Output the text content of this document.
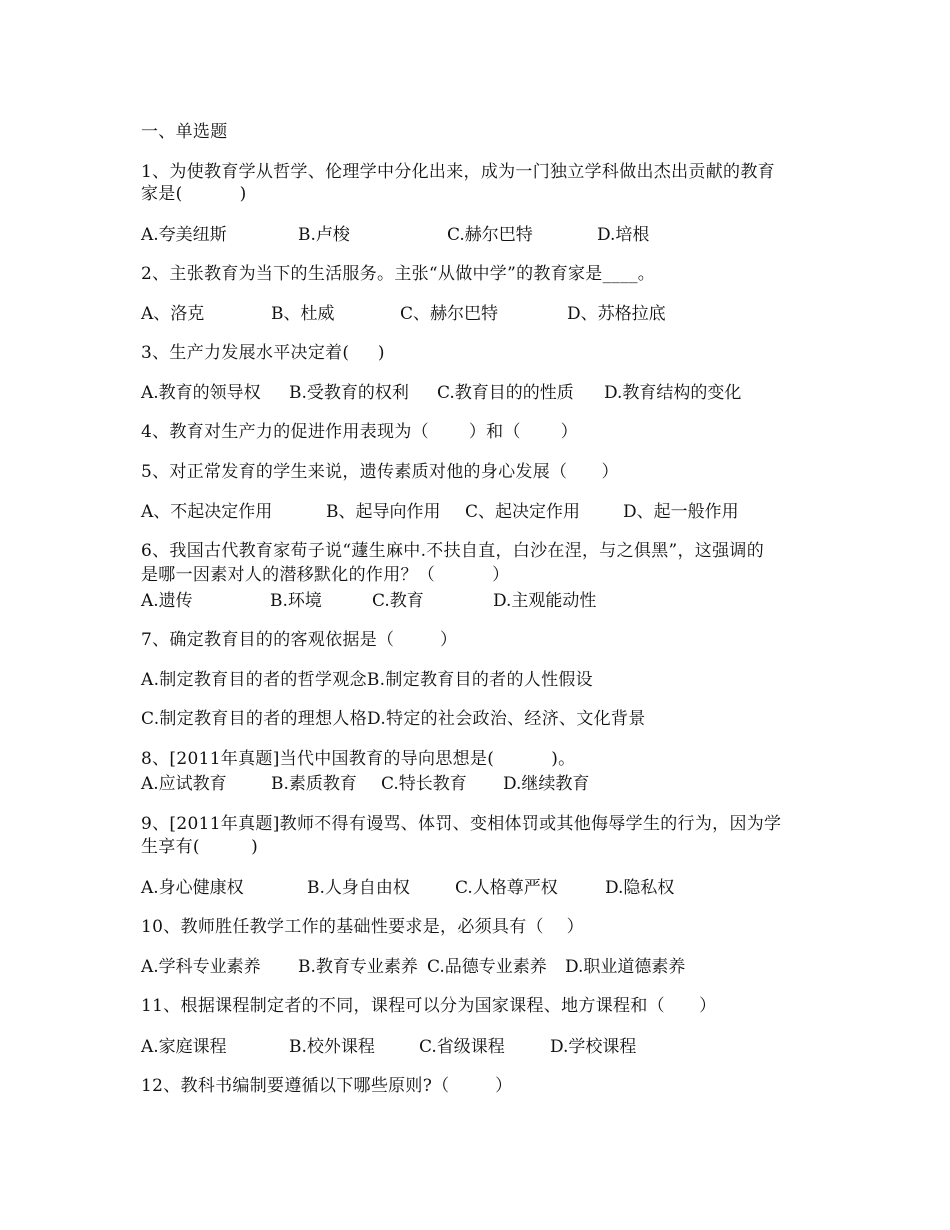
一、单选题
1、为使教育学从哲学、伦理学中分化出来，成为一门独立学科做出杰出贡献的教育
家是(          )
A.夸美纽斯	B.卢梭	C.赫尔巴特	D.培根
2、主张教育为当下的生活服务。主张“从做中学”的教育家是____。
A、洛克	B、杜威	C、赫尔巴特	D、苏格拉底
3、生产力发展水平决定着(     )
A.教育的领导权 B.受教育的权利 C.教育目的的性质 D.教育结构的变化
4、教育对生产力的促进作用表现为（       ）和（       ）
5、对正常发育的学生来说，遗传素质对他的身心发展（      ）
A、不起决定作用	B、起导向作用 C、起决定作用	D、起一般作用
6、我国古代教育家荀子说“蘧生麻中.不扶自直，白沙在涅，与之俱黑”，这强调的
是哪一因素对人的潜移默化的作用？（          ）
A.遗传	B.环境	C.教育	D.主观能动性
7、确定教育目的的客观依据是（        ）
A.制定教育目的者的哲学观念B.制定教育目的者的人性假设
C.制定教育目的者的理想人格D.特定的社会政治、经济、文化背景
8、[2011年真题]当代中国教育的导向思想是(          )。
A.应试教育	B.素质教育 C.特长教育 D.继续教育
9、[2011年真题]教师不得有谩骂、体罚、变相体罚或其他侮辱学生的行为，因为学
生享有(         )
A.身心健康权	B.人身自由权	C.人格尊严权	D.隐私权
10、教师胜任教学工作的基础性要求是，必须具有（    ）
A.学科专业素养 B.教育专业素养 C.品德专业素养 D.职业道德素养
11、根据课程制定者的不同，课程可以分为国家课程、地方课程和（      ）
A.家庭课程	B.校外课程	C.省级课程	D.学校课程
12、教科书编制要遵循以下哪些原则?（        ）
